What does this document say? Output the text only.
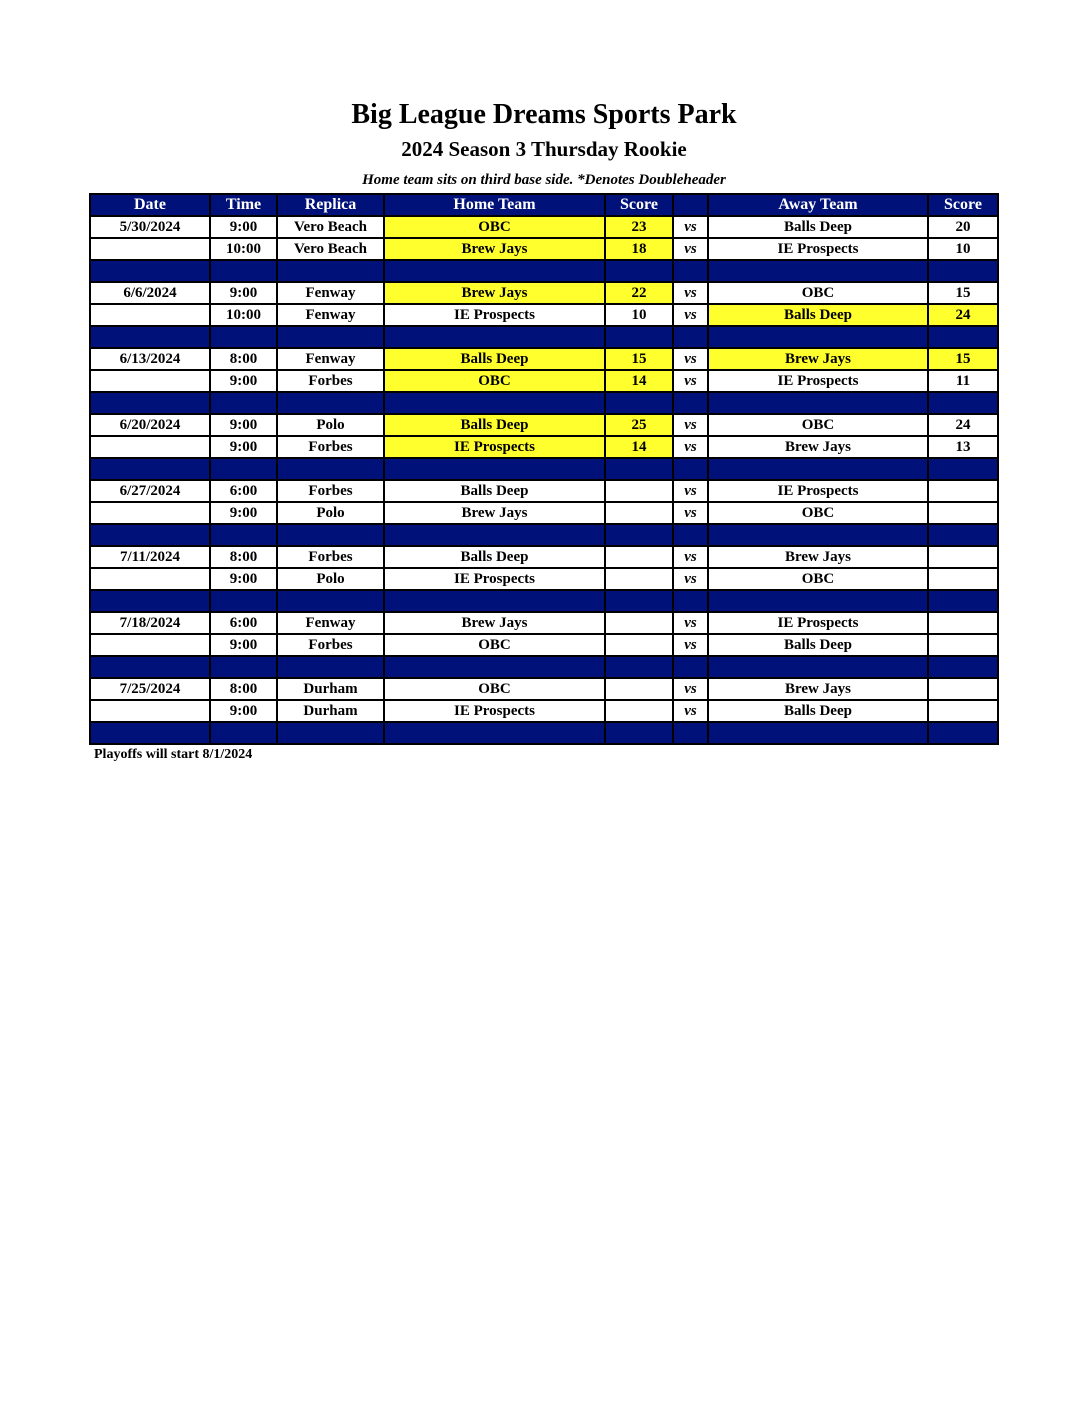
Big League Dreams Sports Park
2024 Season 3 Thursday Rookie
Home team sits on third base side. *Denotes Doubleheader
Date	Time	Replica	Home Team	Score		Away Team	Score
5/30/2024	9:00	Vero Beach	OBC	23	vs	Balls Deep	20
	10:00	Vero Beach	Brew Jays	18	vs	IE Prospects	10

6/6/2024	9:00	Fenway	Brew Jays	22	vs	OBC	15
	10:00	Fenway	IE Prospects	10	vs	Balls Deep	24

6/13/2024	8:00	Fenway	Balls Deep	15	vs	Brew Jays	15
	9:00	Forbes	OBC	14	vs	IE Prospects	11

6/20/2024	9:00	Polo	Balls Deep	25	vs	OBC	24
	9:00	Forbes	IE Prospects	14	vs	Brew Jays	13

6/27/2024	6:00	Forbes	Balls Deep		vs	IE Prospects	
	9:00	Polo	Brew Jays		vs	OBC	

7/11/2024	8:00	Forbes	Balls Deep		vs	Brew Jays	
	9:00	Polo	IE Prospects		vs	OBC	

7/18/2024	6:00	Fenway	Brew Jays		vs	IE Prospects	
	9:00	Forbes	OBC		vs	Balls Deep	

7/25/2024	8:00	Durham	OBC		vs	Brew Jays	
	9:00	Durham	IE Prospects		vs	Balls Deep	

Playoffs will start 8/1/2024
